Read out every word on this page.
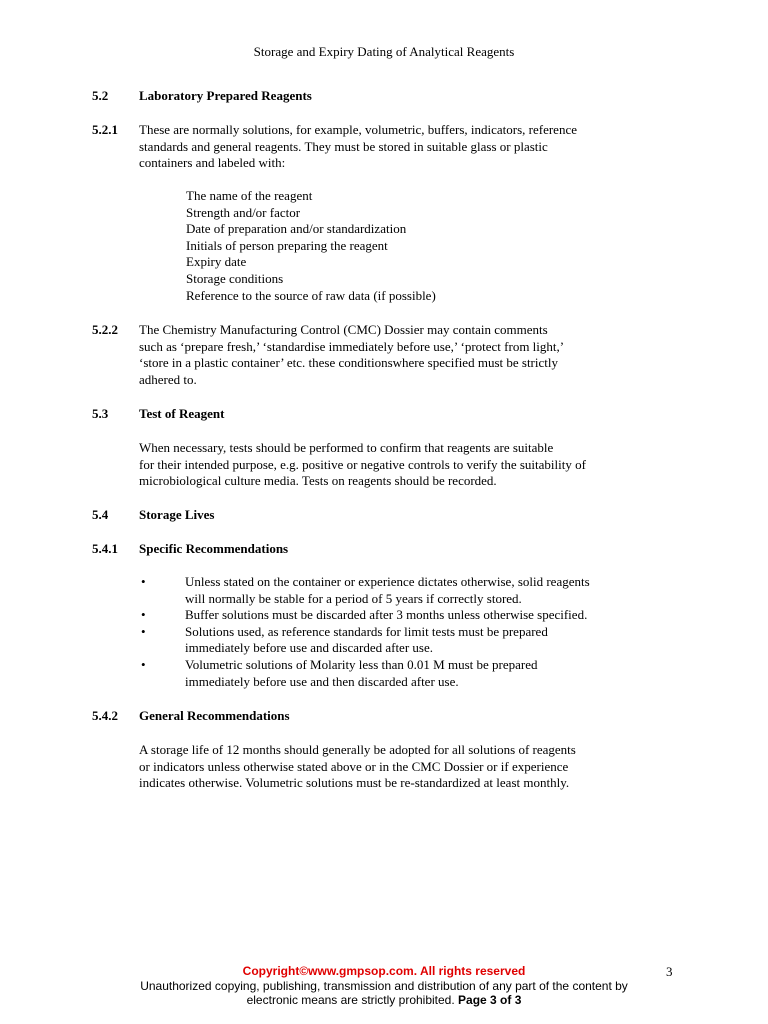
Storage and Expiry Dating of Analytical Reagents
5.2 Laboratory Prepared Reagents
5.2.1 These are normally solutions, for example, volumetric, buffers, indicators, reference
standards and general reagents. They must be stored in suitable glass or plastic
containers and labeled with:
The name of the reagent
Strength and/or factor
Date of preparation and/or standardization
Initials of person preparing the reagent
Expiry date
Storage conditions
Reference to the source of raw data (if possible)
5.2.2 The Chemistry Manufacturing Control (CMC) Dossier may contain comments
such as ‘prepare fresh,’ ‘standardise immediately before use,’ ‘protect from light,’
‘store in a plastic container’ etc. these conditionswhere specified must be strictly
adhered to.
5.3 Test of Reagent
When necessary, tests should be performed to confirm that reagents are suitable
for their intended purpose, e.g. positive or negative controls to verify the suitability of
microbiological culture media. Tests on reagents should be recorded.
5.4 Storage Lives
5.4.1 Specific Recommendations
•	Unless stated on the container or experience dictates otherwise, solid reagents
will normally be stable for a period of 5 years if correctly stored.
•	Buffer solutions must be discarded after 3 months unless otherwise specified.
•	Solutions used, as reference standards for limit tests must be prepared
immediately before use and discarded after use.
•	Volumetric solutions of Molarity less than 0.01 M must be prepared
immediately before use and then discarded after use.
5.4.2 General Recommendations
A storage life of 12 months should generally be adopted for all solutions of reagents
or indicators unless otherwise stated above or in the CMC Dossier or if experience
indicates otherwise. Volumetric solutions must be re-standardized at least monthly.
Copyright©www.gmpsop.com. All rights reserved	3
Unauthorized copying, publishing, transmission and distribution of any part of the content by
electronic means are strictly prohibited. Page 3 of 3
